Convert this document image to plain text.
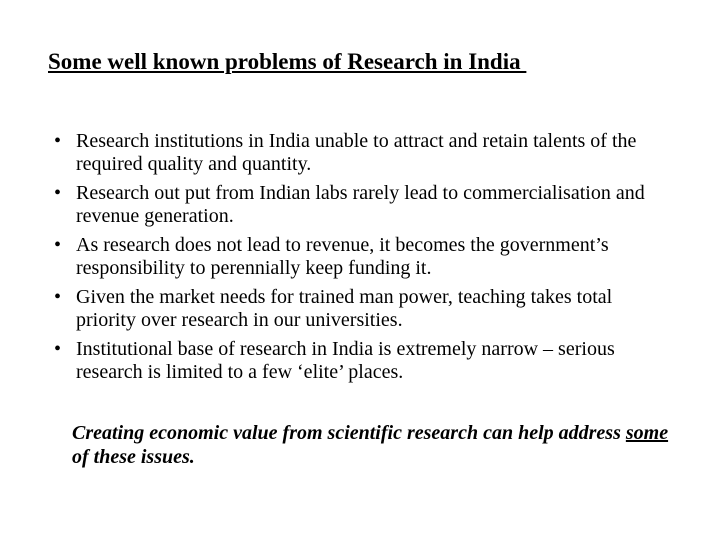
Some well known problems of Research in India
• Research institutions in India unable to attract and retain talents of the required quality and quantity.
• Research out put from Indian labs rarely lead to commercialisation and revenue generation.
• As research does not lead to revenue, it becomes the government’s responsibility to perennially keep funding it.
• Given the market needs for trained man power, teaching takes total priority over research in our universities.
• Institutional base of research in India is extremely narrow – serious research is limited to a few ‘elite’ places.

Creating economic value from scientific research can help address some of these issues.
